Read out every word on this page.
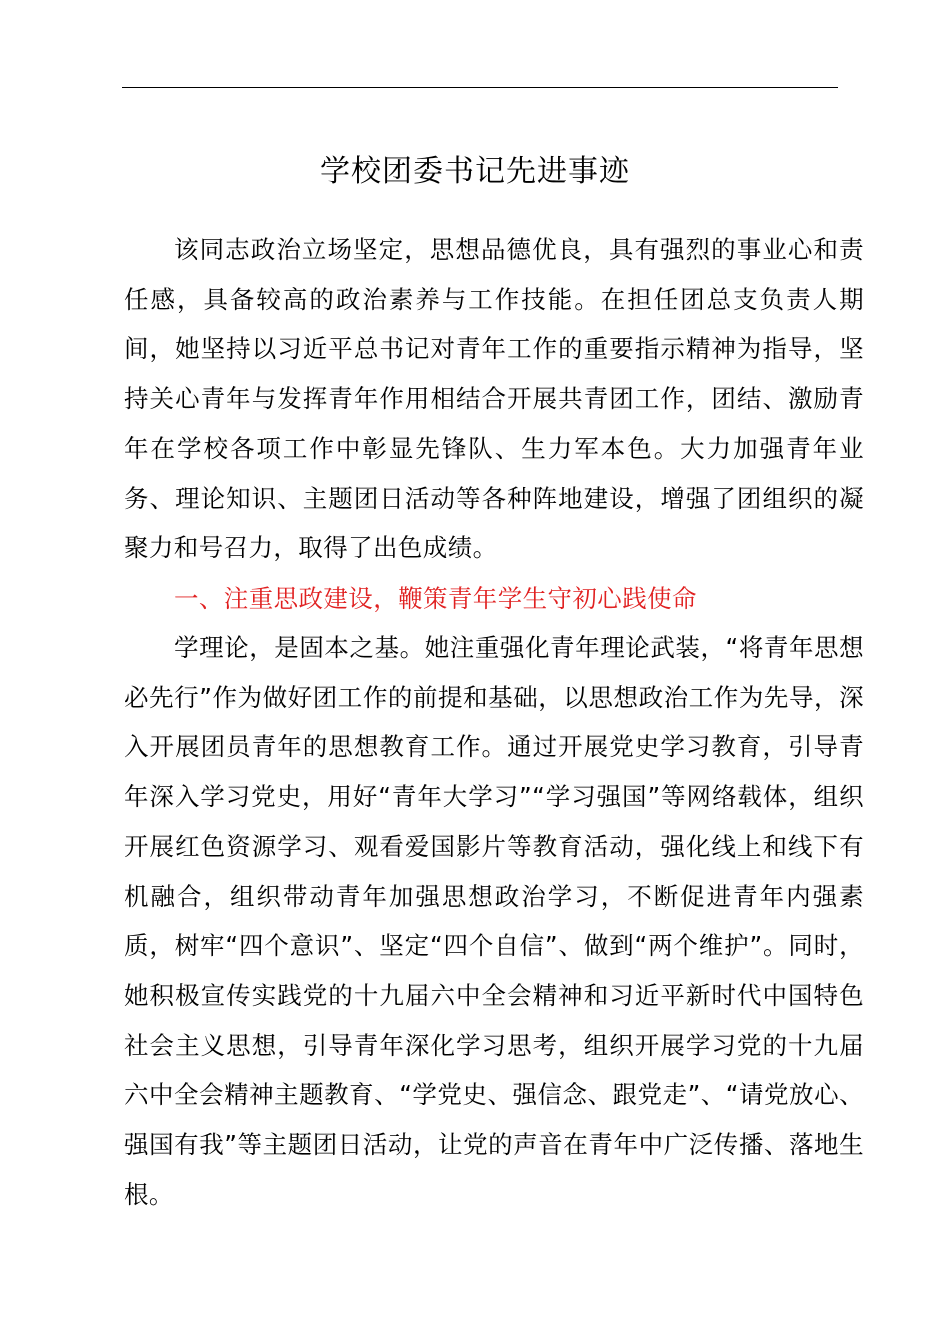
学校团委书记先进事迹

该同志政治立场坚定，思想品德优良，具有强烈的事业心和责任感，具备较高的政治素养与工作技能。在担任团总支负责人期间，她坚持以习近平总书记对青年工作的重要指示精神为指导，坚持关心青年与发挥青年作用相结合开展共青团工作，团结、激励青年在学校各项工作中彰显先锋队、生力军本色。大力加强青年业务、理论知识、主题团日活动等各种阵地建设，增强了团组织的凝聚力和号召力，取得了出色成绩。

一、注重思政建设，鞭策青年学生守初心践使命

学理论，是固本之基。她注重强化青年理论武装，“将青年思想必先行”作为做好团工作的前提和基础，以思想政治工作为先导，深入开展团员青年的思想教育工作。通过开展党史学习教育，引导青年深入学习党史，用好“青年大学习”“学习强国”等网络载体，组织开展红色资源学习、观看爱国影片等教育活动，强化线上和线下有机融合，组织带动青年加强思想政治学习，不断促进青年内强素质，树牢“四个意识”、坚定“四个自信”、做到“两个维护”。同时，她积极宣传实践党的十九届六中全会精神和习近平新时代中国特色社会主义思想，引导青年深化学习思考，组织开展学习党的十九届六中全会精神主题教育、“学党史、强信念、跟党走”、“请党放心、强国有我”等主题团日活动，让党的声音在青年中广泛传播、落地生根。
